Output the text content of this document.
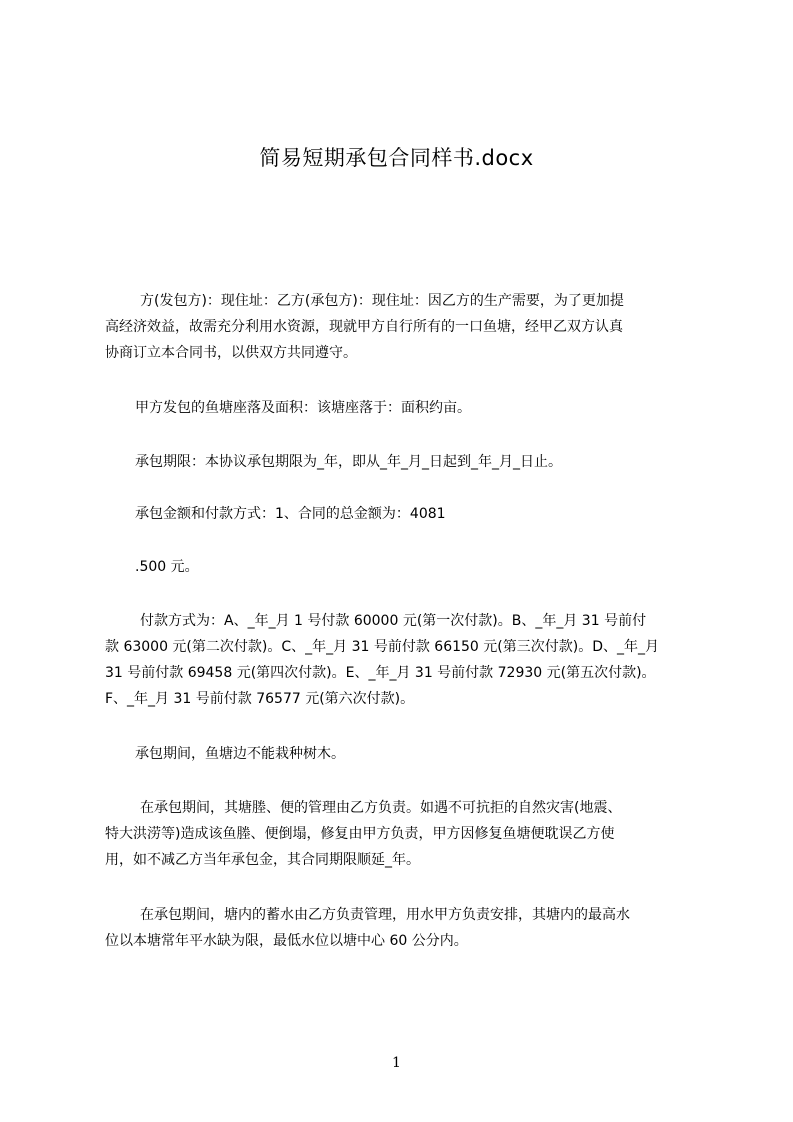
简易短期承包合同样书.docx
方(发包方)：现住址：乙方(承包方)：现住址：因乙方的生产需要，为了更加提
高经济效益，故需充分利用水资源，现就甲方自行所有的一口鱼塘，经甲乙双方认真
协商订立本合同书，以供双方共同遵守。
甲方发包的鱼塘座落及面积：该塘座落于：面积约亩。
承包期限：本协议承包期限为_年，即从_年_月_日起到_年_月_日止。
承包金额和付款方式：1、合同的总金额为：4081
.500 元。
付款方式为：A、_年_月 1 号付款 60000 元(第一次付款)。B、_年_月 31 号前付
款 63000 元(第二次付款)。C、_年_月 31 号前付款 66150 元(第三次付款)。D、_年_月
31 号前付款 69458 元(第四次付款)。E、_年_月 31 号前付款 72930 元(第五次付款)。
F、_年_月 31 号前付款 76577 元(第六次付款)。
承包期间，鱼塘边不能栽种树木。
在承包期间，其塘塍、便的管理由乙方负责。如遇不可抗拒的自然灾害(地震、
特大洪涝等)造成该鱼塍、便倒塌，修复由甲方负责，甲方因修复鱼塘便耽误乙方使
用，如不减乙方当年承包金，其合同期限顺延_年。
在承包期间，塘内的蓄水由乙方负责管理，用水甲方负责安排，其塘内的最高水
位以本塘常年平水缺为限，最低水位以塘中心 60 公分内。
1
